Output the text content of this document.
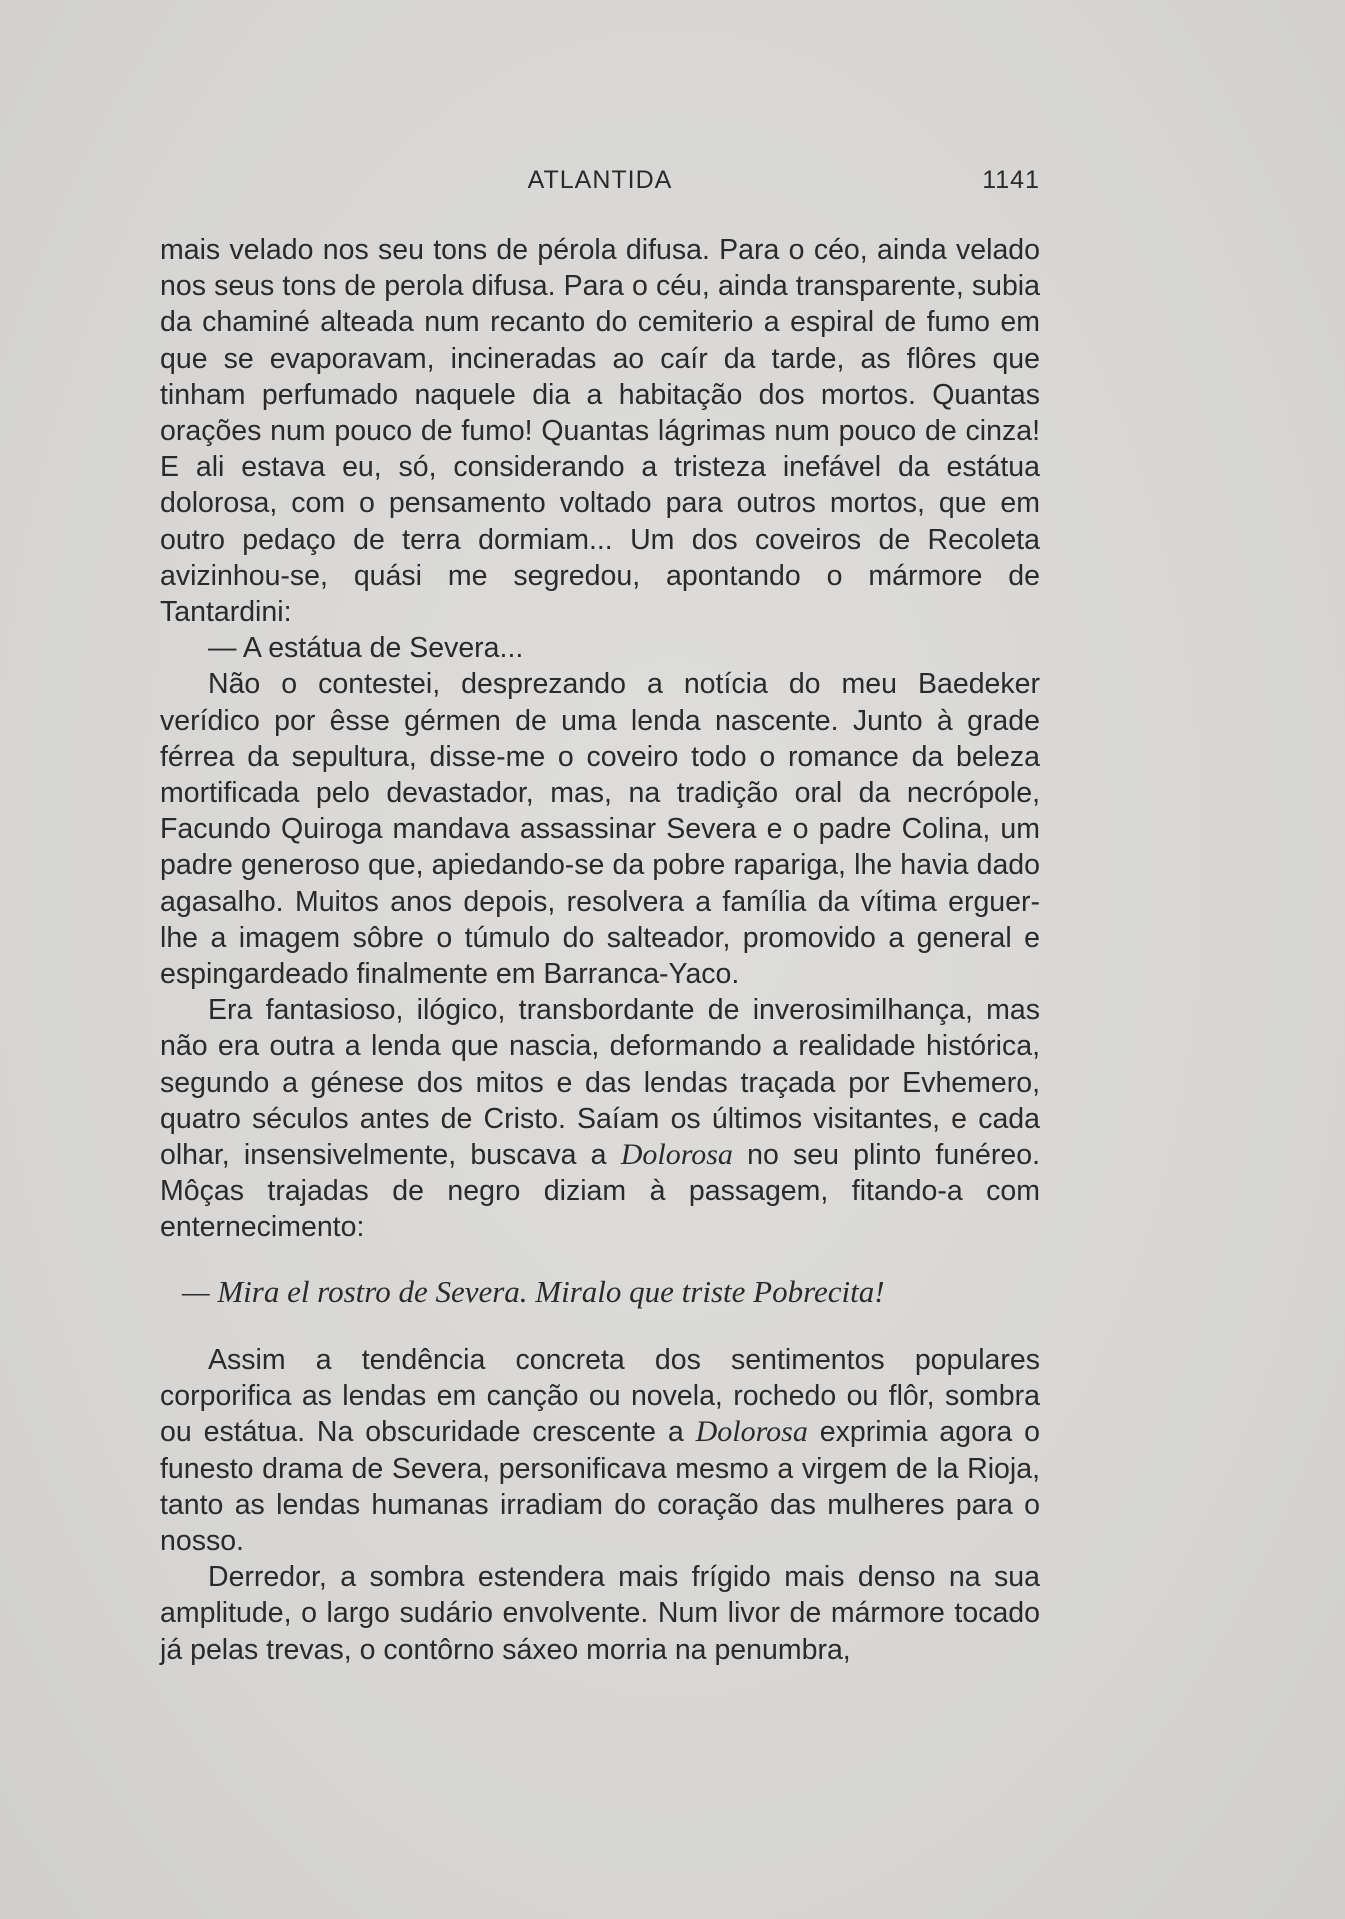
ATLANTIDA	1141

mais velado nos seu tons de pérola difusa. Para o céo, ainda velado nos seus tons de perola difusa. Para o céu, ainda transparente, subia da chaminé alteada num recanto do cemiterio a espiral de fumo em que se evaporavam, incineradas ao caír da tarde, as flôres que tinham perfumado naquele dia a habitação dos mortos. Quantas orações num pouco de fumo! Quantas lágrimas num pouco de cinza! E ali estava eu, só, considerando a tristeza inefável da estátua dolorosa, com o pensamento voltado para outros mortos, que em outro pedaço de terra dormiam... Um dos coveiros de Recoleta avizinhou-se, quási me segredou, apontando o mármore de Tantardini:

— A estátua de Severa...

Não o contestei, desprezando a notícia do meu Baedeker verídico por êsse gérmen de uma lenda nascente. Junto à grade férrea da sepultura, disse-me o coveiro todo o romance da beleza mortificada pelo devastador, mas, na tradição oral da necrópole, Facundo Quiroga mandava assassinar Severa e o padre Colina, um padre generoso que, apiedando-se da pobre rapariga, lhe havia dado agasalho. Muitos anos depois, resolvera a família da vítima erguer-lhe a imagem sôbre o túmulo do salteador, promovido a general e espingardeado finalmente em Barranca-Yaco.

Era fantasioso, ilógico, transbordante de inverosimilhança, mas não era outra a lenda que nascia, deformando a realidade histórica, segundo a génese dos mitos e das lendas traçada por Evhemero, quatro séculos antes de Cristo. Saíam os últimos visitantes, e cada olhar, insensivelmente, buscava a Dolorosa no seu plinto funéreo. Môças trajadas de negro diziam à passagem, fitando-a com enternecimento:

— Mira el rostro de Severa. Miralo que triste Pobrecita!

Assim a tendência concreta dos sentimentos populares corporifica as lendas em canção ou novela, rochedo ou flôr, sombra ou estátua. Na obscuridade crescente a Dolorosa exprimia agora o funesto drama de Severa, personificava mesmo a virgem de la Rioja, tanto as lendas humanas irradiam do coração das mulheres para o nosso.

Derredor, a sombra estendera mais frígido mais denso na sua amplitude, o largo sudário envolvente. Num livor de mármore tocado já pelas trevas, o contôrno sáxeo morria na penumbra,
